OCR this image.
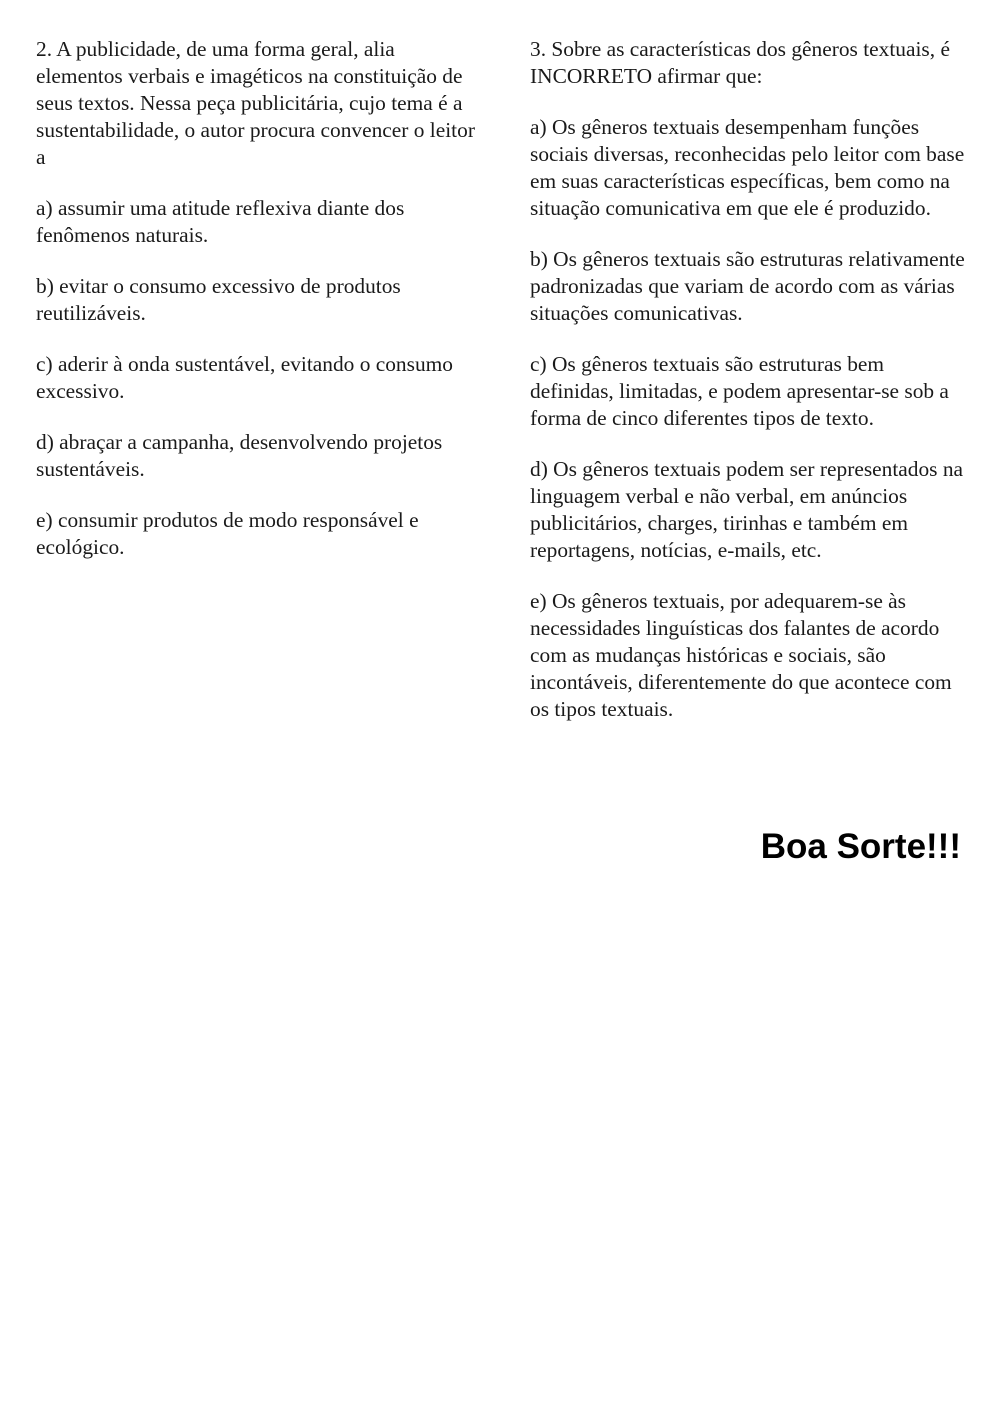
2. A publicidade, de uma forma geral, alia elementos verbais e imagéticos na constituição de seus textos. Nessa peça publicitária, cujo tema é a sustentabilidade, o autor procura convencer o leitor a

a) assumir uma atitude reflexiva diante dos fenômenos naturais.

b) evitar o consumo excessivo de produtos reutilizáveis.

c) aderir à onda sustentável, evitando o consumo excessivo.

d) abraçar a campanha, desenvolvendo projetos sustentáveis.

e) consumir produtos de modo responsável e ecológico.

3. Sobre as características dos gêneros textuais, é INCORRETO afirmar que:

a) Os gêneros textuais desempenham funções sociais diversas, reconhecidas pelo leitor com base em suas características específicas, bem como na situação comunicativa em que ele é produzido.

b) Os gêneros textuais são estruturas relativamente padronizadas que variam de acordo com as várias situações comunicativas.

c) Os gêneros textuais são estruturas bem definidas, limitadas, e podem apresentar-se sob a forma de cinco diferentes tipos de texto.

d) Os gêneros textuais podem ser representados na linguagem verbal e não verbal, em anúncios publicitários, charges, tirinhas e também em reportagens, notícias, e-mails, etc.

e) Os gêneros textuais, por adequarem-se às necessidades linguísticas dos falantes de acordo com as mudanças históricas e sociais, são incontáveis, diferentemente do que acontece com os tipos textuais.

Boa Sorte!!!
